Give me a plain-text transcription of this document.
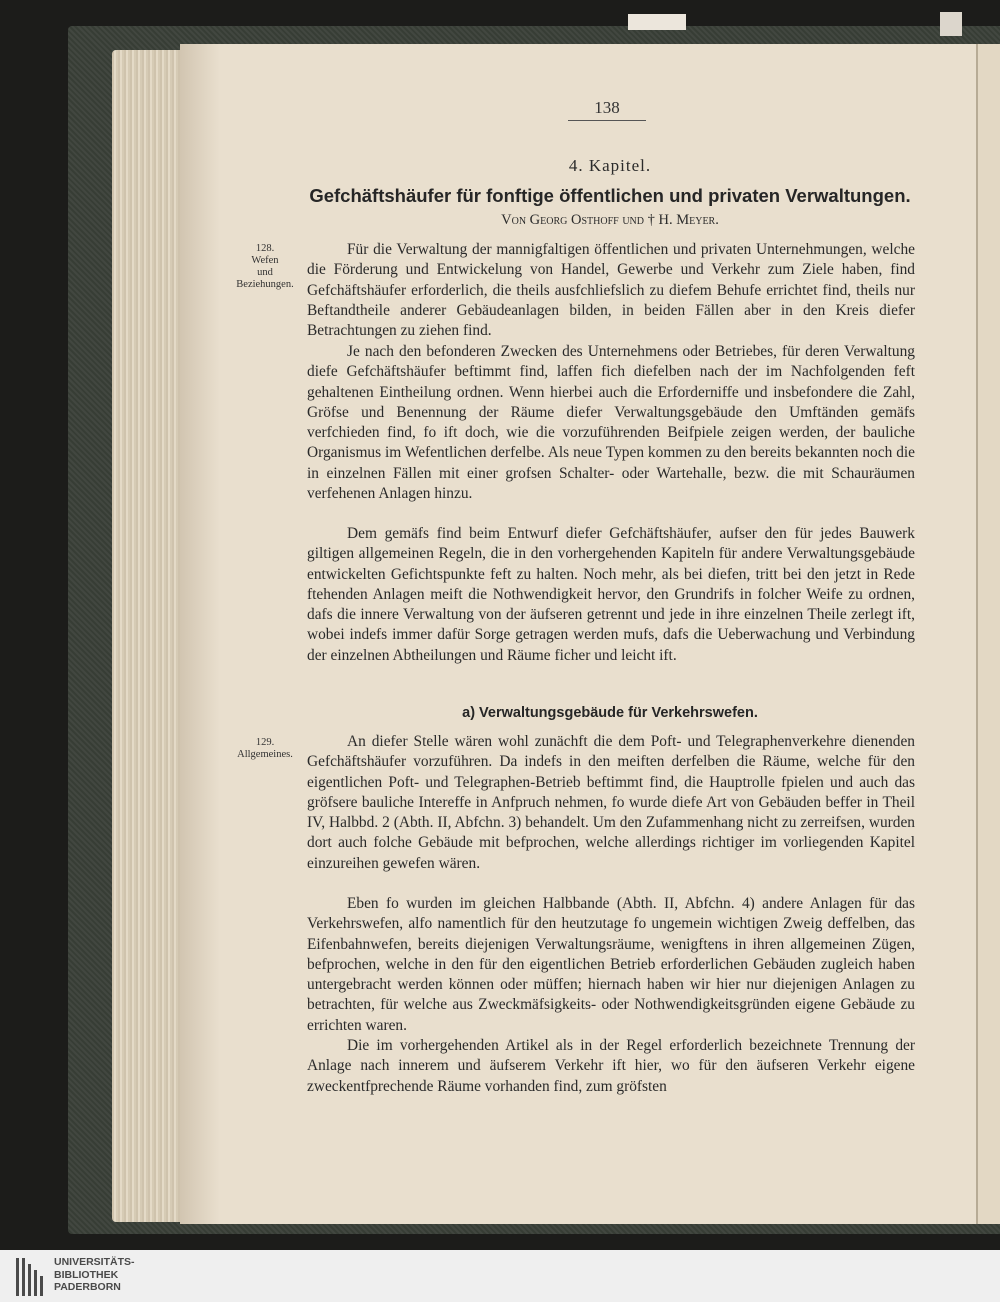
138
4. Kapitel.
Gefchäftshäufer für fonftige öffentlichen und privaten Verwaltungen.
Von Georg Osthoff und † H. Meyer.
128.
Wefen
und
Beziehungen.

Für die Verwaltung der mannigfaltigen öffentlichen und privaten Unternehmungen, welche die Förderung und Entwickelung von Handel, Gewerbe und Verkehr zum Ziele haben, find Gefchäftshäufer erforderlich, die theils ausfchliefslich zu diefem Behufe errichtet find, theils nur Beftandtheile anderer Gebäudeanlagen bilden, in beiden Fällen aber in den Kreis diefer Betrachtungen zu ziehen find.

Je nach den befonderen Zwecken des Unternehmens oder Betriebes, für deren Verwaltung diefe Gefchäftshäufer beftimmt find, laffen fich diefelben nach der im Nachfolgenden feft gehaltenen Eintheilung ordnen. Wenn hierbei auch die Erforderniffe und insbefondere die Zahl, Gröfse und Benennung der Räume diefer Verwaltungsgebäude den Umftänden gemäfs verfchieden find, fo ift doch, wie die vorzuführenden Beifpiele zeigen werden, der bauliche Organismus im Wefentlichen derfelbe. Als neue Typen kommen zu den bereits bekannten noch die in einzelnen Fällen mit einer grofsen Schalter- oder Wartehalle, bezw. die mit Schauräumen verfehenen Anlagen hinzu.

Dem gemäfs find beim Entwurf diefer Gefchäftshäufer, aufser den für jedes Bauwerk giltigen allgemeinen Regeln, die in den vorhergehenden Kapiteln für andere Verwaltungsgebäude entwickelten Gefichtspunkte feft zu halten. Noch mehr, als bei diefen, tritt bei den jetzt in Rede ftehenden Anlagen meift die Nothwendigkeit hervor, den Grundrifs in folcher Weife zu ordnen, dafs die innere Verwaltung von der äufseren getrennt und jede in ihre einzelnen Theile zerlegt ift, wobei indefs immer dafür Sorge getragen werden mufs, dafs die Ueberwachung und Verbindung der einzelnen Abtheilungen und Räume ficher und leicht ift.

a) Verwaltungsgebäude für Verkehrswefen.
129.
Allgemeines.

An diefer Stelle wären wohl zunächft die dem Poft- und Telegraphenverkehre dienenden Gefchäftshäufer vorzuführen. Da indefs in den meiften derfelben die Räume, welche für den eigentlichen Poft- und Telegraphen-Betrieb beftimmt find, die Hauptrolle fpielen und auch das gröfsere bauliche Intereffe in Anfpruch nehmen, fo wurde diefe Art von Gebäuden beffer in Theil IV, Halbbd. 2 (Abth. II, Abfchn. 3) behandelt. Um den Zufammenhang nicht zu zerreifsen, wurden dort auch folche Gebäude mit befprochen, welche allerdings richtiger im vorliegenden Kapitel einzureihen gewefen wären.

Eben fo wurden im gleichen Halbbande (Abth. II, Abfchn. 4) andere Anlagen für das Verkehrswefen, alfo namentlich für den heutzutage fo ungemein wichtigen Zweig deffelben, das Eifenbahnwefen, bereits diejenigen Verwaltungsräume, wenigftens in ihren allgemeinen Zügen, befprochen, welche in den für den eigentlichen Betrieb erforderlichen Gebäuden zugleich haben untergebracht werden können oder müffen; hiernach haben wir hier nur diejenigen Anlagen zu betrachten, für welche aus Zweckmäfsigkeits- oder Nothwendigkeitsgründen eigene Gebäude zu errichten waren.

Die im vorhergehenden Artikel als in der Regel erforderlich bezeichnete Trennung der Anlage nach innerem und äufserem Verkehr ift hier, wo für den äufseren Verkehr eigene zweckentfprechende Räume vorhanden find, zum gröfsten

UNIVERSITÄTS-
BIBLIOTHEK
PADERBORN
